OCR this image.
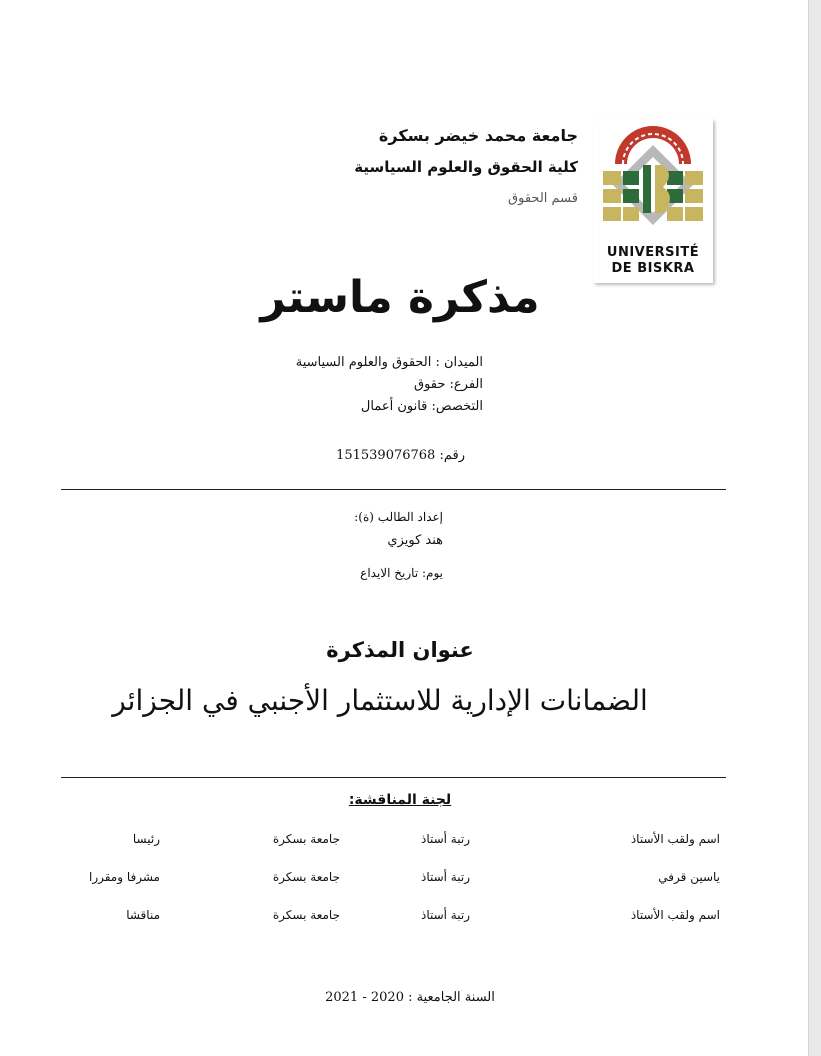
جامعة محمد خيضر بسكرة

كلية الحقوق والعلوم السياسية

قسم الحقوق

UNIVERSITÉ
DE BISKRA
مذكرة ماستر

الميدان : الحقوق والعلوم السياسية

الفرع: حقوق

التخصص: قانون أعمال

رقم: 151539076768

إعداد الطالب (ة):

هند كويزي

يوم: تاريخ الايداع

عنوان المذكرة
الضمانات الإدارية للاستثمار الأجنبي في الجزائر
لجنة المناقشة:
اسم ولقب الأستاذ
رتبة أستاذ
جامعة بسكرة
رئيسا
ياسين قرفي
رتبة أستاذ
جامعة بسكرة
مشرفا ومقررا
اسم ولقب الأستاذ
رتبة أستاذ
جامعة بسكرة
مناقشا
السنة الجامعية : 2020 - 2021
